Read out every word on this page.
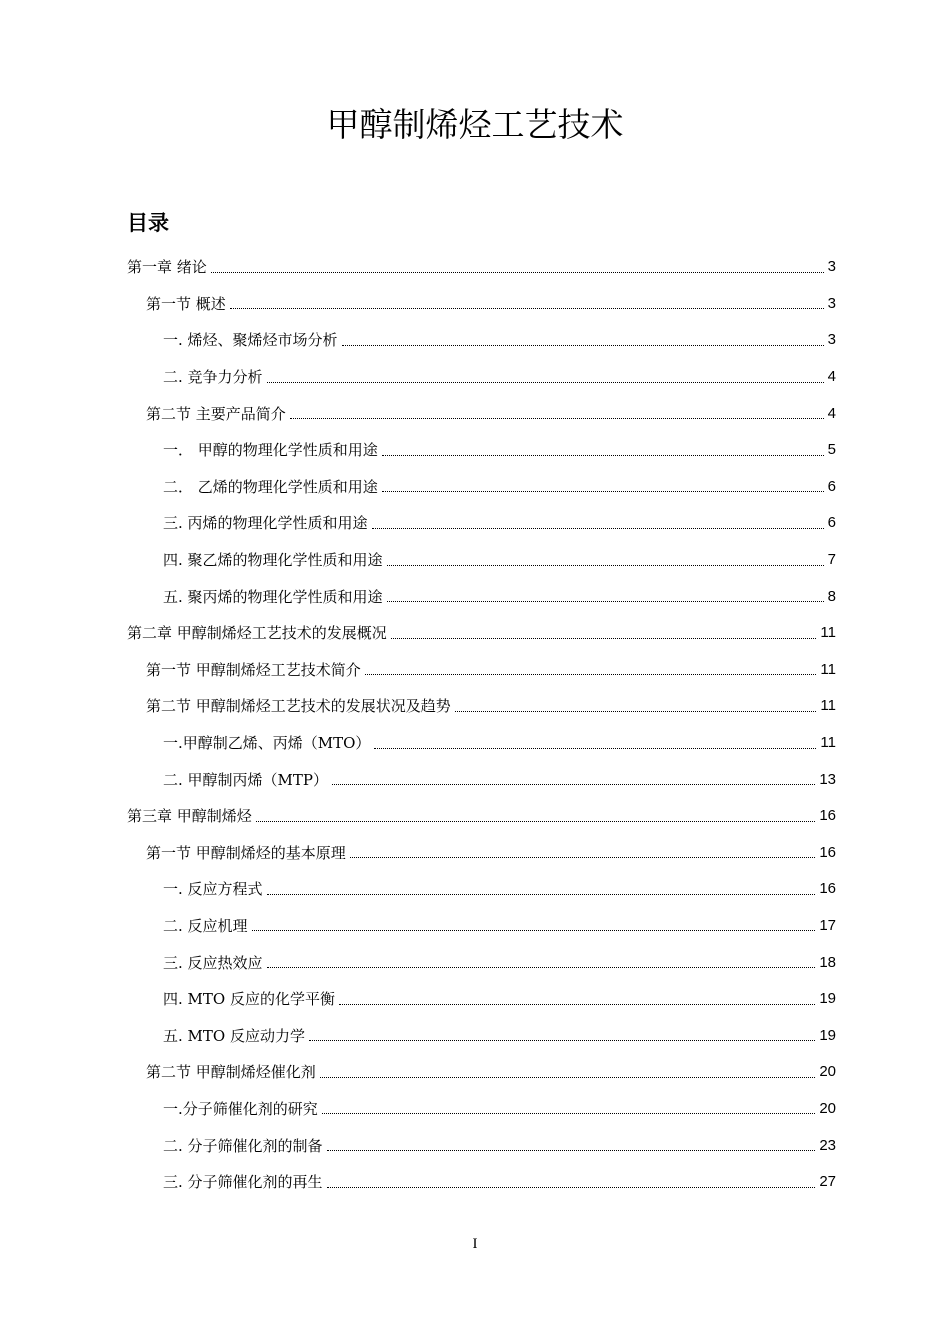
甲醇制烯烃工艺技术
目录
第一章 绪论	3
第一节 概述	3
一. 烯烃、聚烯烃市场分析	3
二. 竞争力分析	4
第二节 主要产品简介	4
一． 甲醇的物理化学性质和用途	5
二． 乙烯的物理化学性质和用途	6
三. 丙烯的物理化学性质和用途	6
四. 聚乙烯的物理化学性质和用途	7
五. 聚丙烯的物理化学性质和用途	8
第二章 甲醇制烯烃工艺技术的发展概况	11
第一节 甲醇制烯烃工艺技术简介	11
第二节 甲醇制烯烃工艺技术的发展状况及趋势	11
一.甲醇制乙烯、丙烯（MTO）	11
二. 甲醇制丙烯（MTP）	13
第三章 甲醇制烯烃	16
第一节 甲醇制烯烃的基本原理	16
一. 反应方程式	16
二. 反应机理	17
三. 反应热效应	18
四. MTO 反应的化学平衡	19
五. MTO 反应动力学	19
第二节 甲醇制烯烃催化剂	20
一.分子筛催化剂的研究	20
二. 分子筛催化剂的制备	23
三. 分子筛催化剂的再生	27
I
